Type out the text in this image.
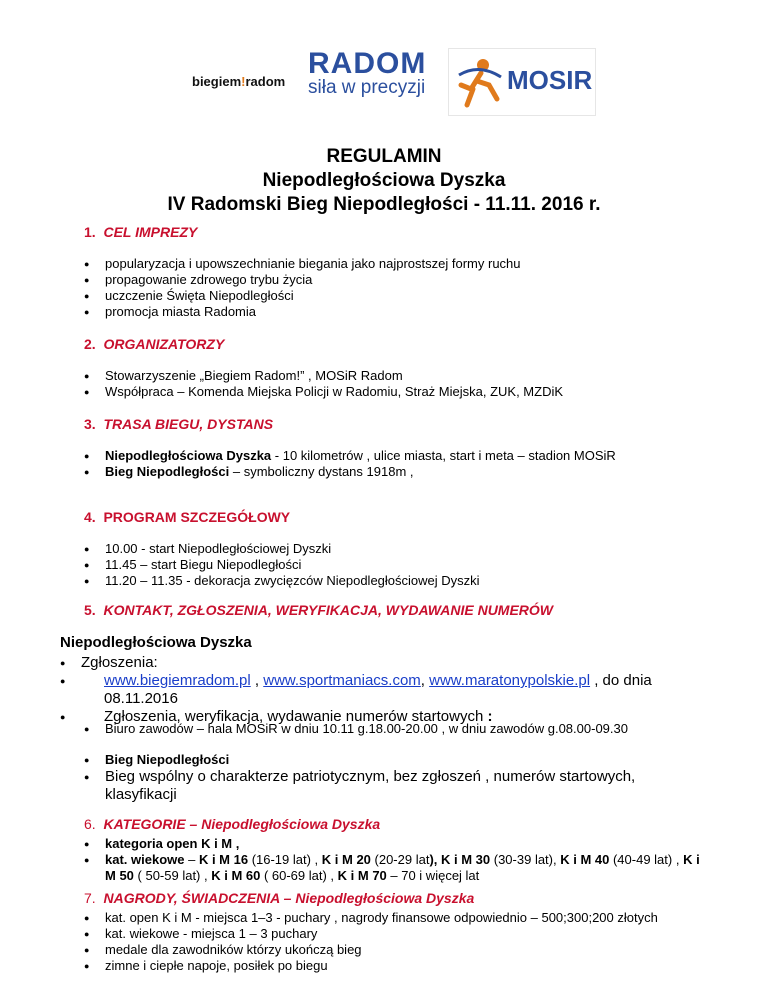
biegiem!radom
RADOM
siła w precyzji	MOSIR
REGULAMIN
Niepodległościowa Dyszka
IV Radomski Bieg Niepodległości - 11.11. 2016 r.
1. CEL IMPREZY
● popularyzacja i upowszechnianie biegania jako najprostszej formy ruchu
● propagowanie zdrowego trybu życia
● uczczenie Święta Niepodległości
● promocja miasta Radomia
2. ORGANIZATORZY
● Stowarzyszenie „Biegiem Radom!” , MOSiR Radom
● Współpraca – Komenda Miejska Policji w Radomiu, Straż Miejska, ZUK, MZDiK
3. TRASA BIEGU, DYSTANS
● Niepodległościowa Dyszka - 10 kilometrów , ulice miasta, start i meta – stadion MOSiR
● Bieg Niepodległości – symboliczny dystans 1918m ,
4. PROGRAM SZCZEGÓŁOWY
● 10.00 - start Niepodległościowej Dyszki
● 11.45 – start Biegu Niepodległości
● 11.20 – 11.35 - dekoracja zwycięzców Niepodległościowej Dyszki
5. KONTAKT, ZGŁOSZENIA, WERYFIKACJA, WYDAWANIE NUMERÓW
Niepodległościowa Dyszka
● Zgłoszenia:
● www.biegiemradom.pl , www.sportmaniacs.com, www.maratonypolskie.pl , do dnia 08.11.2016
● Zgłoszenia, weryfikacja, wydawanie numerów startowych :
● Biuro zawodów – hala MOSiR w dniu 10.11 g.18.00-20.00 , w dniu zawodów g.08.00-09.30
● Bieg Niepodległości
● Bieg wspólny o charakterze patriotycznym, bez zgłoszeń , numerów startowych, klasyfikacji
6. KATEGORIE – Niepodległościowa Dyszka
● kategoria open K i M ,
● kat. wiekowe – K i M 16 (16-19 lat) , K i M 20 (20-29 lat), K i M 30 (30-39 lat), K i M 40 (40-49 lat) , K i M 50 ( 50-59 lat) , K i M 60 ( 60-69 lat) , K i M 70 – 70 i więcej lat
7. NAGRODY, ŚWIADCZENIA – Niepodległościowa Dyszka
● kat. open K i M - miejsca 1–3 - puchary , nagrody finansowe odpowiednio – 500;300;200 złotych
● kat. wiekowe - miejsca 1 – 3 puchary
● medale dla zawodników którzy ukończą bieg
● zimne i ciepłe napoje, posiłek po biegu
